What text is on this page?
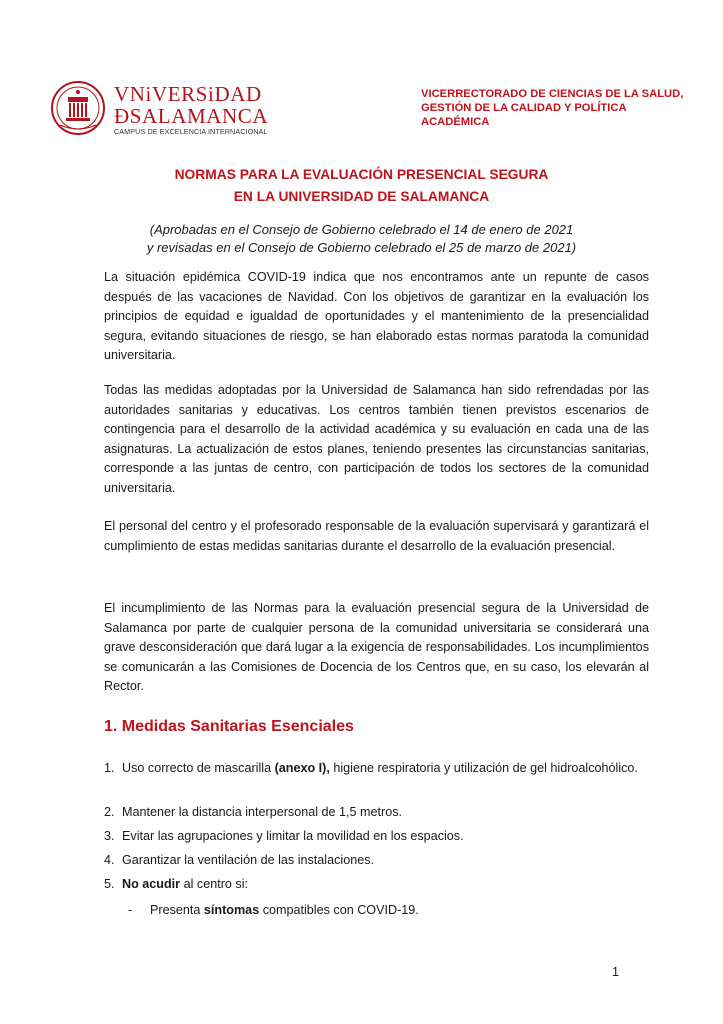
VNiVERSiDAD
ÐSALAMANCA
CAMPUS DE EXCELENCIA INTERNACIONAL
VICERRECTORADO DE CIENCIAS DE LA SALUD,
GESTIÓN DE LA CALIDAD Y POLÍTICA
ACADÉMICA
NORMAS PARA LA EVALUACIÓN PRESENCIAL SEGURA
EN LA UNIVERSIDAD DE SALAMANCA
(Aprobadas en el Consejo de Gobierno celebrado el 14 de enero de 2021
y revisadas en el Consejo de Gobierno celebrado el 25 de marzo de 2021)
La situación epidémica COVID-19 indica que nos encontramos ante un repunte de casos después de las vacaciones de Navidad. Con los objetivos de garantizar en la evaluación los principios de equidad e igualdad de oportunidades y el mantenimiento de la presencialidad segura, evitando situaciones de riesgo, se han elaborado estas normas paratoda la comunidad universitaria.
Todas las medidas adoptadas por la Universidad de Salamanca han sido refrendadas por las autoridades sanitarias y educativas. Los centros también tienen previstos escenarios de contingencia para el desarrollo de la actividad académica y su evaluación en cada una de las asignaturas. La actualización de estos planes, teniendo presentes las circunstancias sanitarias, corresponde a las juntas de centro, con participación de todos los sectores de la comunidad universitaria.
El personal del centro y el profesorado responsable de la evaluación supervisará y garantizará el cumplimiento de estas medidas sanitarias durante el desarrollo de la evaluación presencial.
El incumplimiento de las Normas para la evaluación presencial segura de la Universidad de Salamanca por parte de cualquier persona de la comunidad universitaria se considerará una grave desconsideración que dará lugar a la exigencia de responsabilidades. Los incumplimientos se comunicarán a las Comisiones de Docencia de los Centros que, en su caso, los elevarán al Rector.
1. Medidas Sanitarias Esenciales
1. Uso correcto de mascarilla (anexo I), higiene respiratoria y utilización de gel hidroalcohólico.
2. Mantener la distancia interpersonal de 1,5 metros.
3. Evitar las agrupaciones y limitar la movilidad en los espacios.
4. Garantizar la ventilación de las instalaciones.
5. No acudir al centro si:
- Presenta síntomas compatibles con COVID-19.
1
